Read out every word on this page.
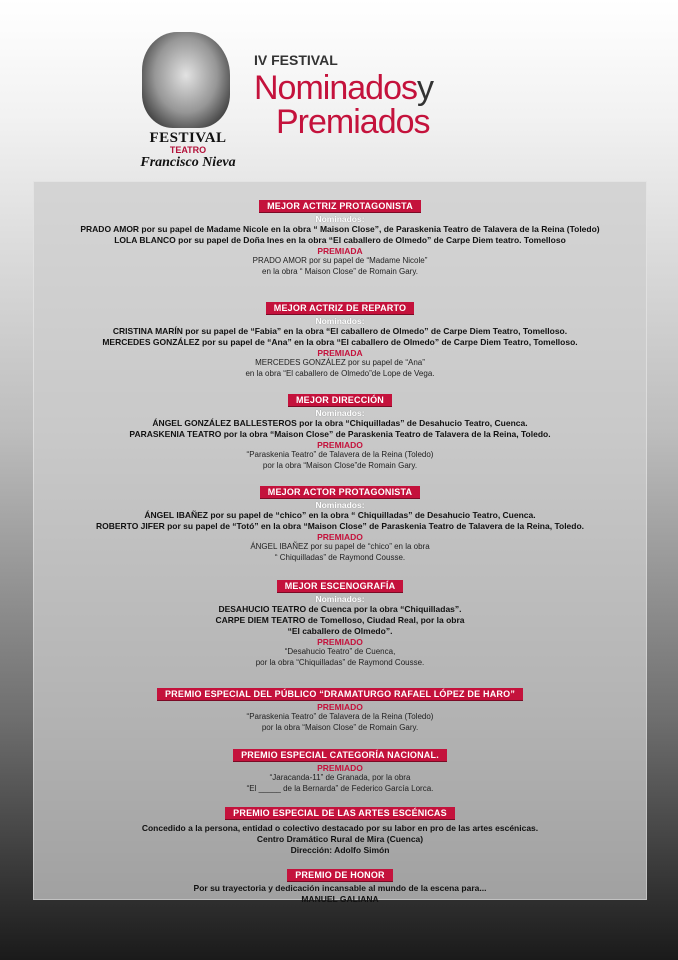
FESTIVAL
TEATRO
Francisco Nieva
IV FESTIVAL
Nominadosy
Premiados
MEJOR ACTRIZ PROTAGONISTA
Nominados:
PRADO AMOR por su papel de Madame Nicole en la obra “ Maison Close”, de Paraskenia Teatro de Talavera de la Reina (Toledo)
LOLA BLANCO por su papel de Doña Ines en la obra “El caballero de Olmedo” de Carpe Diem teatro. Tomelloso
PREMIADA
PRADO AMOR por su papel de “Madame Nicole”
en la obra “ Maison Close” de Romain Gary.
MEJOR ACTRIZ DE REPARTO
Nominados:
CRISTINA MARÍN por su papel de “Fabia” en la obra “El caballero de Olmedo” de Carpe Diem Teatro, Tomelloso.
MERCEDES GONZÁLEZ por su papel de “Ana” en la obra “El caballero de Olmedo” de Carpe Diem Teatro, Tomelloso.
PREMIADA
MERCEDES GONZÁLEZ por su papel de “Ana”
en la obra “El caballero de Olmedo”de Lope de Vega.
MEJOR DIRECCIÓN
Nominados:
ÁNGEL GONZÁLEZ BALLESTEROS por la obra “Chiquilladas” de Desahucio Teatro, Cuenca.
PARASKENIA TEATRO por la obra “Maison Close” de Paraskenia Teatro de Talavera de la Reina, Toledo.
PREMIADO
“Paraskenia Teatro” de Talavera de la Reina (Toledo)
por la obra “Maison Close”de Romain Gary.
MEJOR ACTOR PROTAGONISTA
Nominados:
ÁNGEL IBAÑEZ por su papel de “chico” en la obra “ Chiquilladas” de Desahucio Teatro, Cuenca.
ROBERTO JIFER por su papel de “Totó” en la obra “Maison Close” de Paraskenia Teatro de Talavera de la Reina, Toledo.
PREMIADO
ÁNGEL IBAÑEZ por su papel de “chico” en la obra
“ Chiquilladas” de Raymond Cousse.
MEJOR ESCENOGRAFÍA
Nominados:
DESAHUCIO TEATRO de Cuenca por la obra “Chiquilladas”.
CARPE DIEM TEATRO de Tomelloso, Ciudad Real, por la obra
“El caballero de Olmedo”.
PREMIADO
“Desahucio Teatro” de Cuenca,
por la obra “Chiquilladas” de Raymond Cousse.
PREMIO ESPECIAL DEL PÚBLICO “DRAMATURGO RAFAEL LÓPEZ DE HARO”
PREMIADO
“Paraskenia Teatro” de Talavera de la Reina (Toledo)
por la obra “Maison Close” de Romain Gary.
PREMIO ESPECIAL CATEGORÍA NACIONAL.
PREMIADO
“Jaracanda-11” de Granada, por la obra
“El _____ de la Bernarda” de Federico García Lorca.
PREMIO ESPECIAL DE LAS ARTES ESCÉNICAS
Concedido a la persona, entidad o colectivo destacado por su labor en pro de las artes escénicas.
Centro Dramático Rural de Mira (Cuenca)
Dirección: Adolfo Simón
PREMIO DE HONOR
Por su trayectoria y dedicación incansable al mundo de la escena para...
MANUEL GALIANA
